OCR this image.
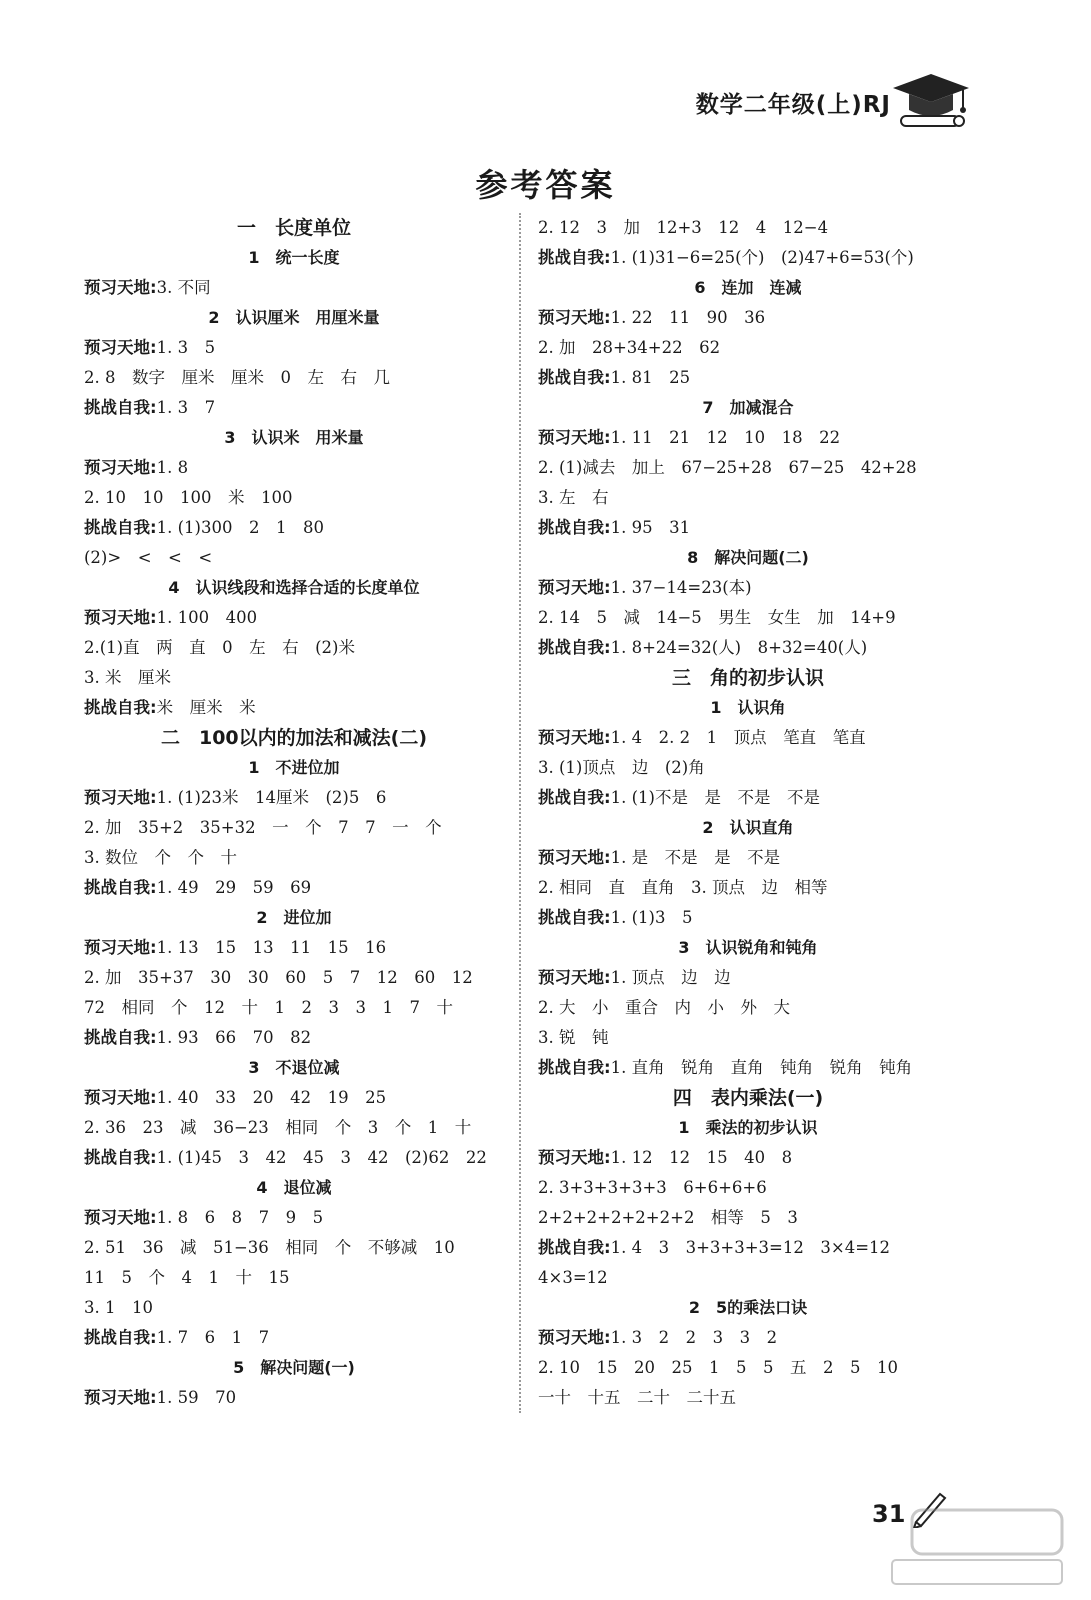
数学二年级(上)RJ
参考答案
一　长度单位
1　统一长度
预习天地:3. 不同
2　认识厘米　用厘米量
预习天地:1. 3　5
2. 8　数字　厘米　厘米　0　左　右　几
挑战自我:1. 3　7
3　认识米　用米量
预习天地:1. 8
2. 10　10　100　米　100
挑战自我:1. (1)300　2　1　80
(2)>　<　<　<
4　认识线段和选择合适的长度单位
预习天地:1. 100　400
2.(1)直　两　直　0　左　右　(2)米
3. 米　厘米
挑战自我:米　厘米　米
二　100以内的加法和减法(二)
1　不进位加
预习天地:1. (1)23米　14厘米　(2)5　6
2. 加　35+2　35+32　一　个　7　7　一　个
3. 数位　个　个　十
挑战自我:1. 49　29　59　69
2　进位加
预习天地:1. 13　15　13　11　15　16
2. 加　35+37　30　30　60　5　7　12　60　12
72　相同　个　12　十　1　2　3　3　1　7　十
挑战自我:1. 93　66　70　82
3　不退位减
预习天地:1. 40　33　20　42　19　25
2. 36　23　减　36−23　相同　个　3　个　1　十
挑战自我:1. (1)45　3　42　45　3　42　(2)62　22
4　退位减
预习天地:1. 8　6　8　7　9　5
2. 51　36　减　51−36　相同　个　不够减　10
11　5　个　4　1　十　15
3. 1　10
挑战自我:1. 7　6　1　7
5　解决问题(一)
预习天地:1. 59　70
2. 12　3　加　12+3　12　4　12−4
挑战自我:1. (1)31−6=25(个)　(2)47+6=53(个)
6　连加　连减
预习天地:1. 22　11　90　36
2. 加　28+34+22　62
挑战自我:1. 81　25
7　加减混合
预习天地:1. 11　21　12　10　18　22
2. (1)减去　加上　67−25+28　67−25　42+28
3. 左　右
挑战自我:1. 95　31
8　解决问题(二)
预习天地:1. 37−14=23(本)
2. 14　5　减　14−5　男生　女生　加　14+9
挑战自我:1. 8+24=32(人)　8+32=40(人)
三　角的初步认识
1　认识角
预习天地:1. 4　2. 2　1　顶点　笔直　笔直
3. (1)顶点　边　(2)角
挑战自我:1. (1)不是　是　不是　不是
2　认识直角
预习天地:1. 是　不是　是　不是
2. 相同　直　直角　3. 顶点　边　相等
挑战自我:1. (1)3　5
3　认识锐角和钝角
预习天地:1. 顶点　边　边
2. 大　小　重合　内　小　外　大
3. 锐　钝
挑战自我:1. 直角　锐角　直角　钝角　锐角　钝角
四　表内乘法(一)
1　乘法的初步认识
预习天地:1. 12　12　15　40　8
2. 3+3+3+3+3　6+6+6+6
2+2+2+2+2+2+2　相等　5　3
挑战自我:1. 4　3　3+3+3+3=12　3×4=12
4×3=12
2　5的乘法口诀
预习天地:1. 3　2　2　3　3　2
2. 10　15　20　25　1　5　5　五　2　5　10
一十　十五　二十　二十五
31
